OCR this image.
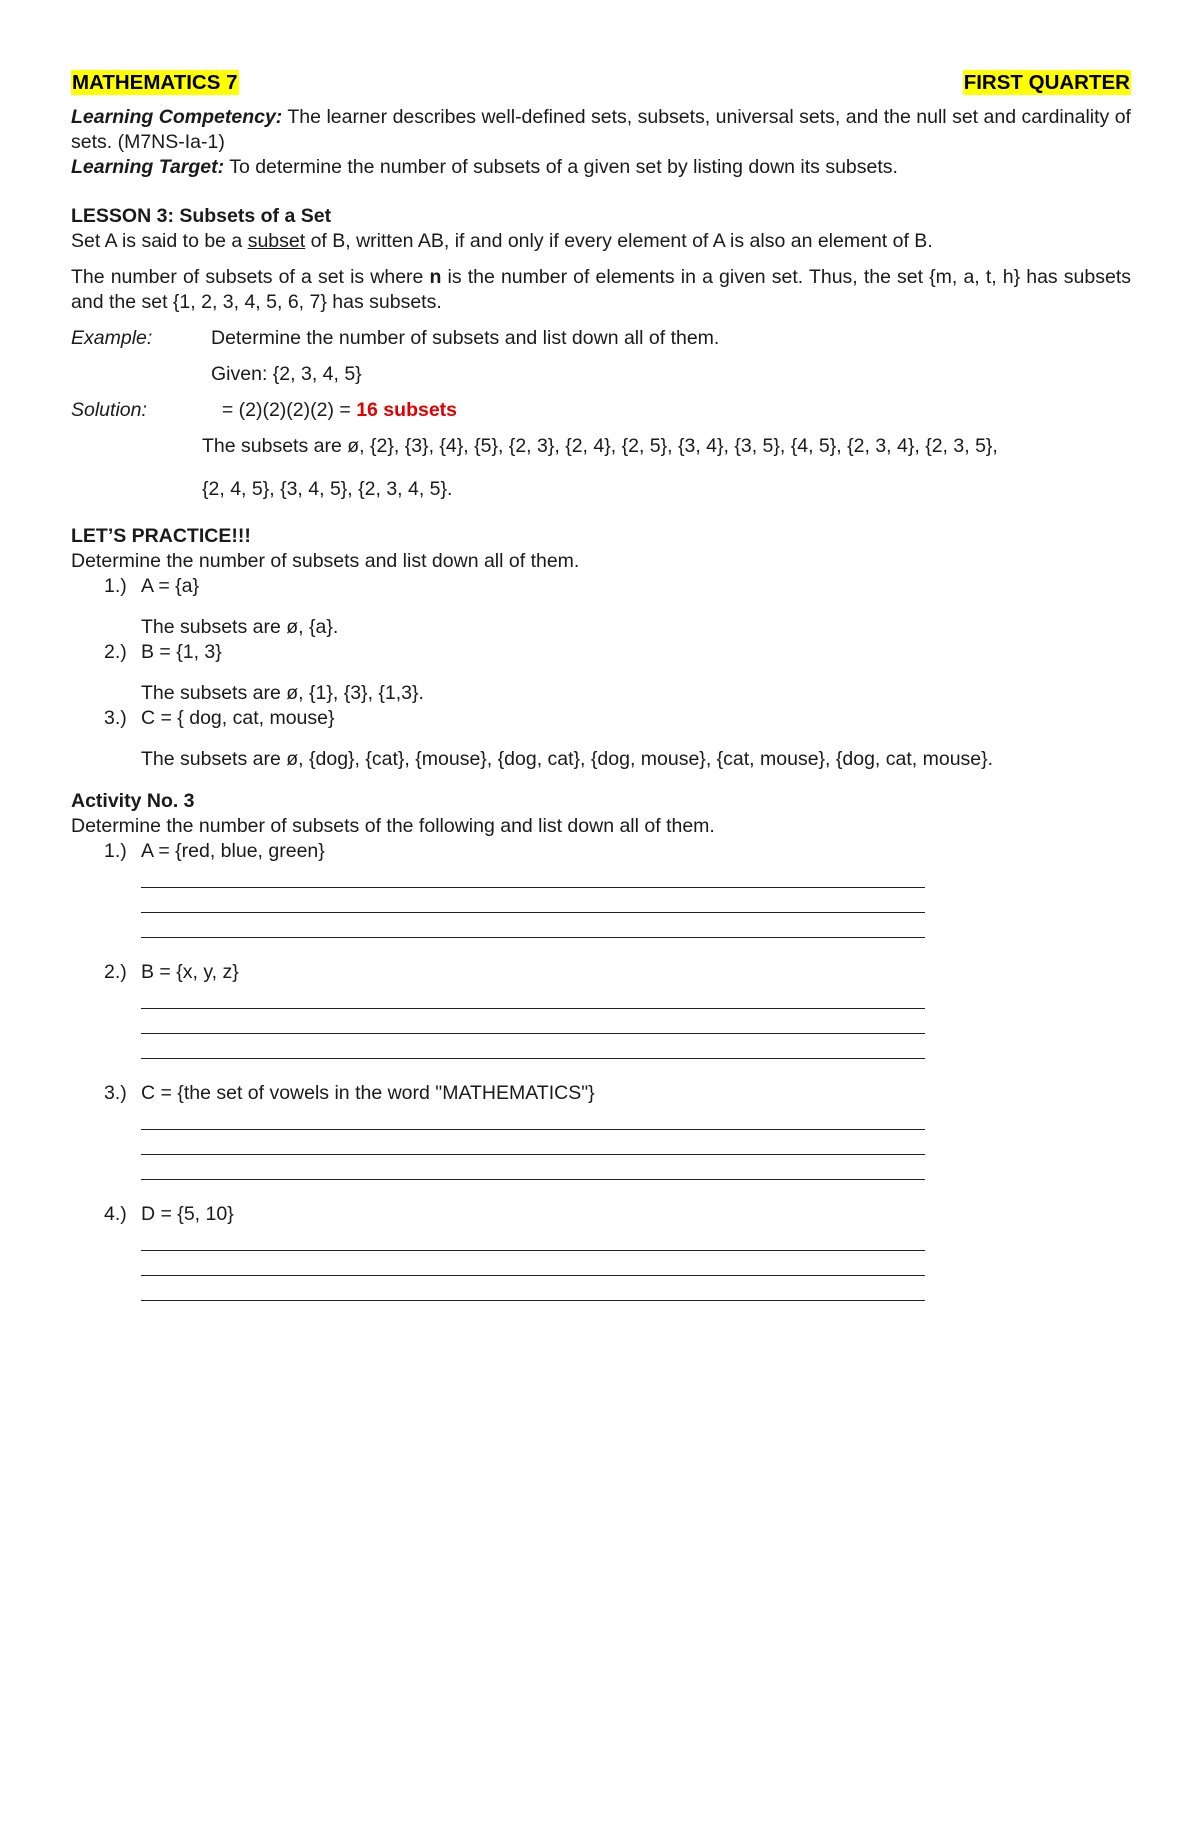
MATHEMATICS 7	FIRST QUARTER

Learning Competency: The learner describes well-defined sets, subsets, universal sets, and the null set and cardinality of sets. (M7NS-Ia-1)

Learning Target: To determine the number of subsets of a given set by listing down its subsets.

LESSON 3: Subsets of a Set

Set A is said to be a subset of B, written AB, if and only if every element of A is also an element of B.

The number of subsets of a set is where n is the number of elements in a given set. Thus, the set {m, a, t, h} has subsets and the set {1, 2, 3, 4, 5, 6, 7} has subsets.

Example:	Determine the number of subsets and list down all of them.

Given: {2, 3, 4, 5}

Solution:	= (2)(2)(2)(2) = 16 subsets

The subsets are ø, {2}, {3}, {4}, {5}, {2, 3}, {2, 4}, {2, 5}, {3, 4}, {3, 5}, {4, 5}, {2, 3, 4}, {2, 3, 5},

{2, 4, 5}, {3, 4, 5}, {2, 3, 4, 5}.

LET’S PRACTICE!!!

Determine the number of subsets and list down all of them.

1.) A = {a}

The subsets are ø, {a}.

2.) B = {1, 3}

The subsets are ø, {1}, {3}, {1,3}.

3.) C = { dog, cat, mouse}

The subsets are ø, {dog}, {cat}, {mouse}, {dog, cat}, {dog, mouse}, {cat, mouse}, {dog, cat, mouse}.

Activity No. 3

Determine the number of subsets of the following and list down all of them.

1.) A = {red, blue, green}
2.) B = {x, y, z}
3.) C = {the set of vowels in the word "MATHEMATICS"}
4.) D = {5, 10}
